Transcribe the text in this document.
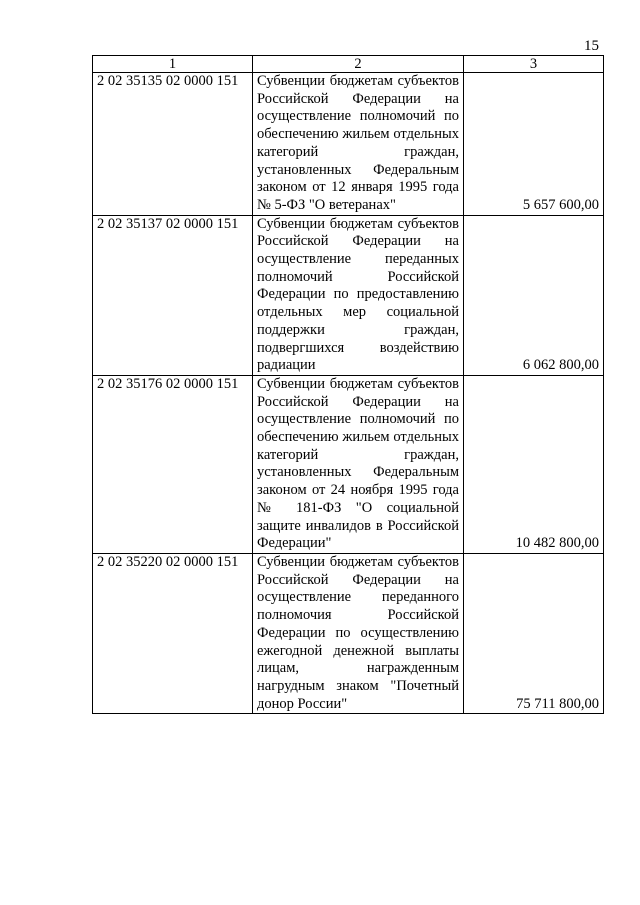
15
1	2	3
2 02 35135 02 0000 151	Субвенции бюджетам субъектов Российской Федерации на осуществление полномочий по обеспечению жильем отдельных категорий граждан, установленных Федеральным законом от 12 января 1995 года № 5-ФЗ "О ветеранах"	5 657 600,00
2 02 35137 02 0000 151	Субвенции бюджетам субъектов Российской Федерации на осуществление переданных полномочий Российской Федерации по предоставлению отдельных мер социальной поддержки граждан, подвергшихся воздействию радиации	6 062 800,00
2 02 35176 02 0000 151	Субвенции бюджетам субъектов Российской Федерации на осуществление полномочий по обеспечению жильем отдельных категорий граждан, установленных Федеральным законом от 24 ноября 1995 года № 181-ФЗ "О социальной защите инвалидов в Российской Федерации"	10 482 800,00
2 02 35220 02 0000 151	Субвенции бюджетам субъектов Российской Федерации на осуществление переданного полномочия Российской Федерации по осуществлению ежегодной денежной выплаты лицам, награжденным нагрудным знаком "Почетный донор России"	75 711 800,00
